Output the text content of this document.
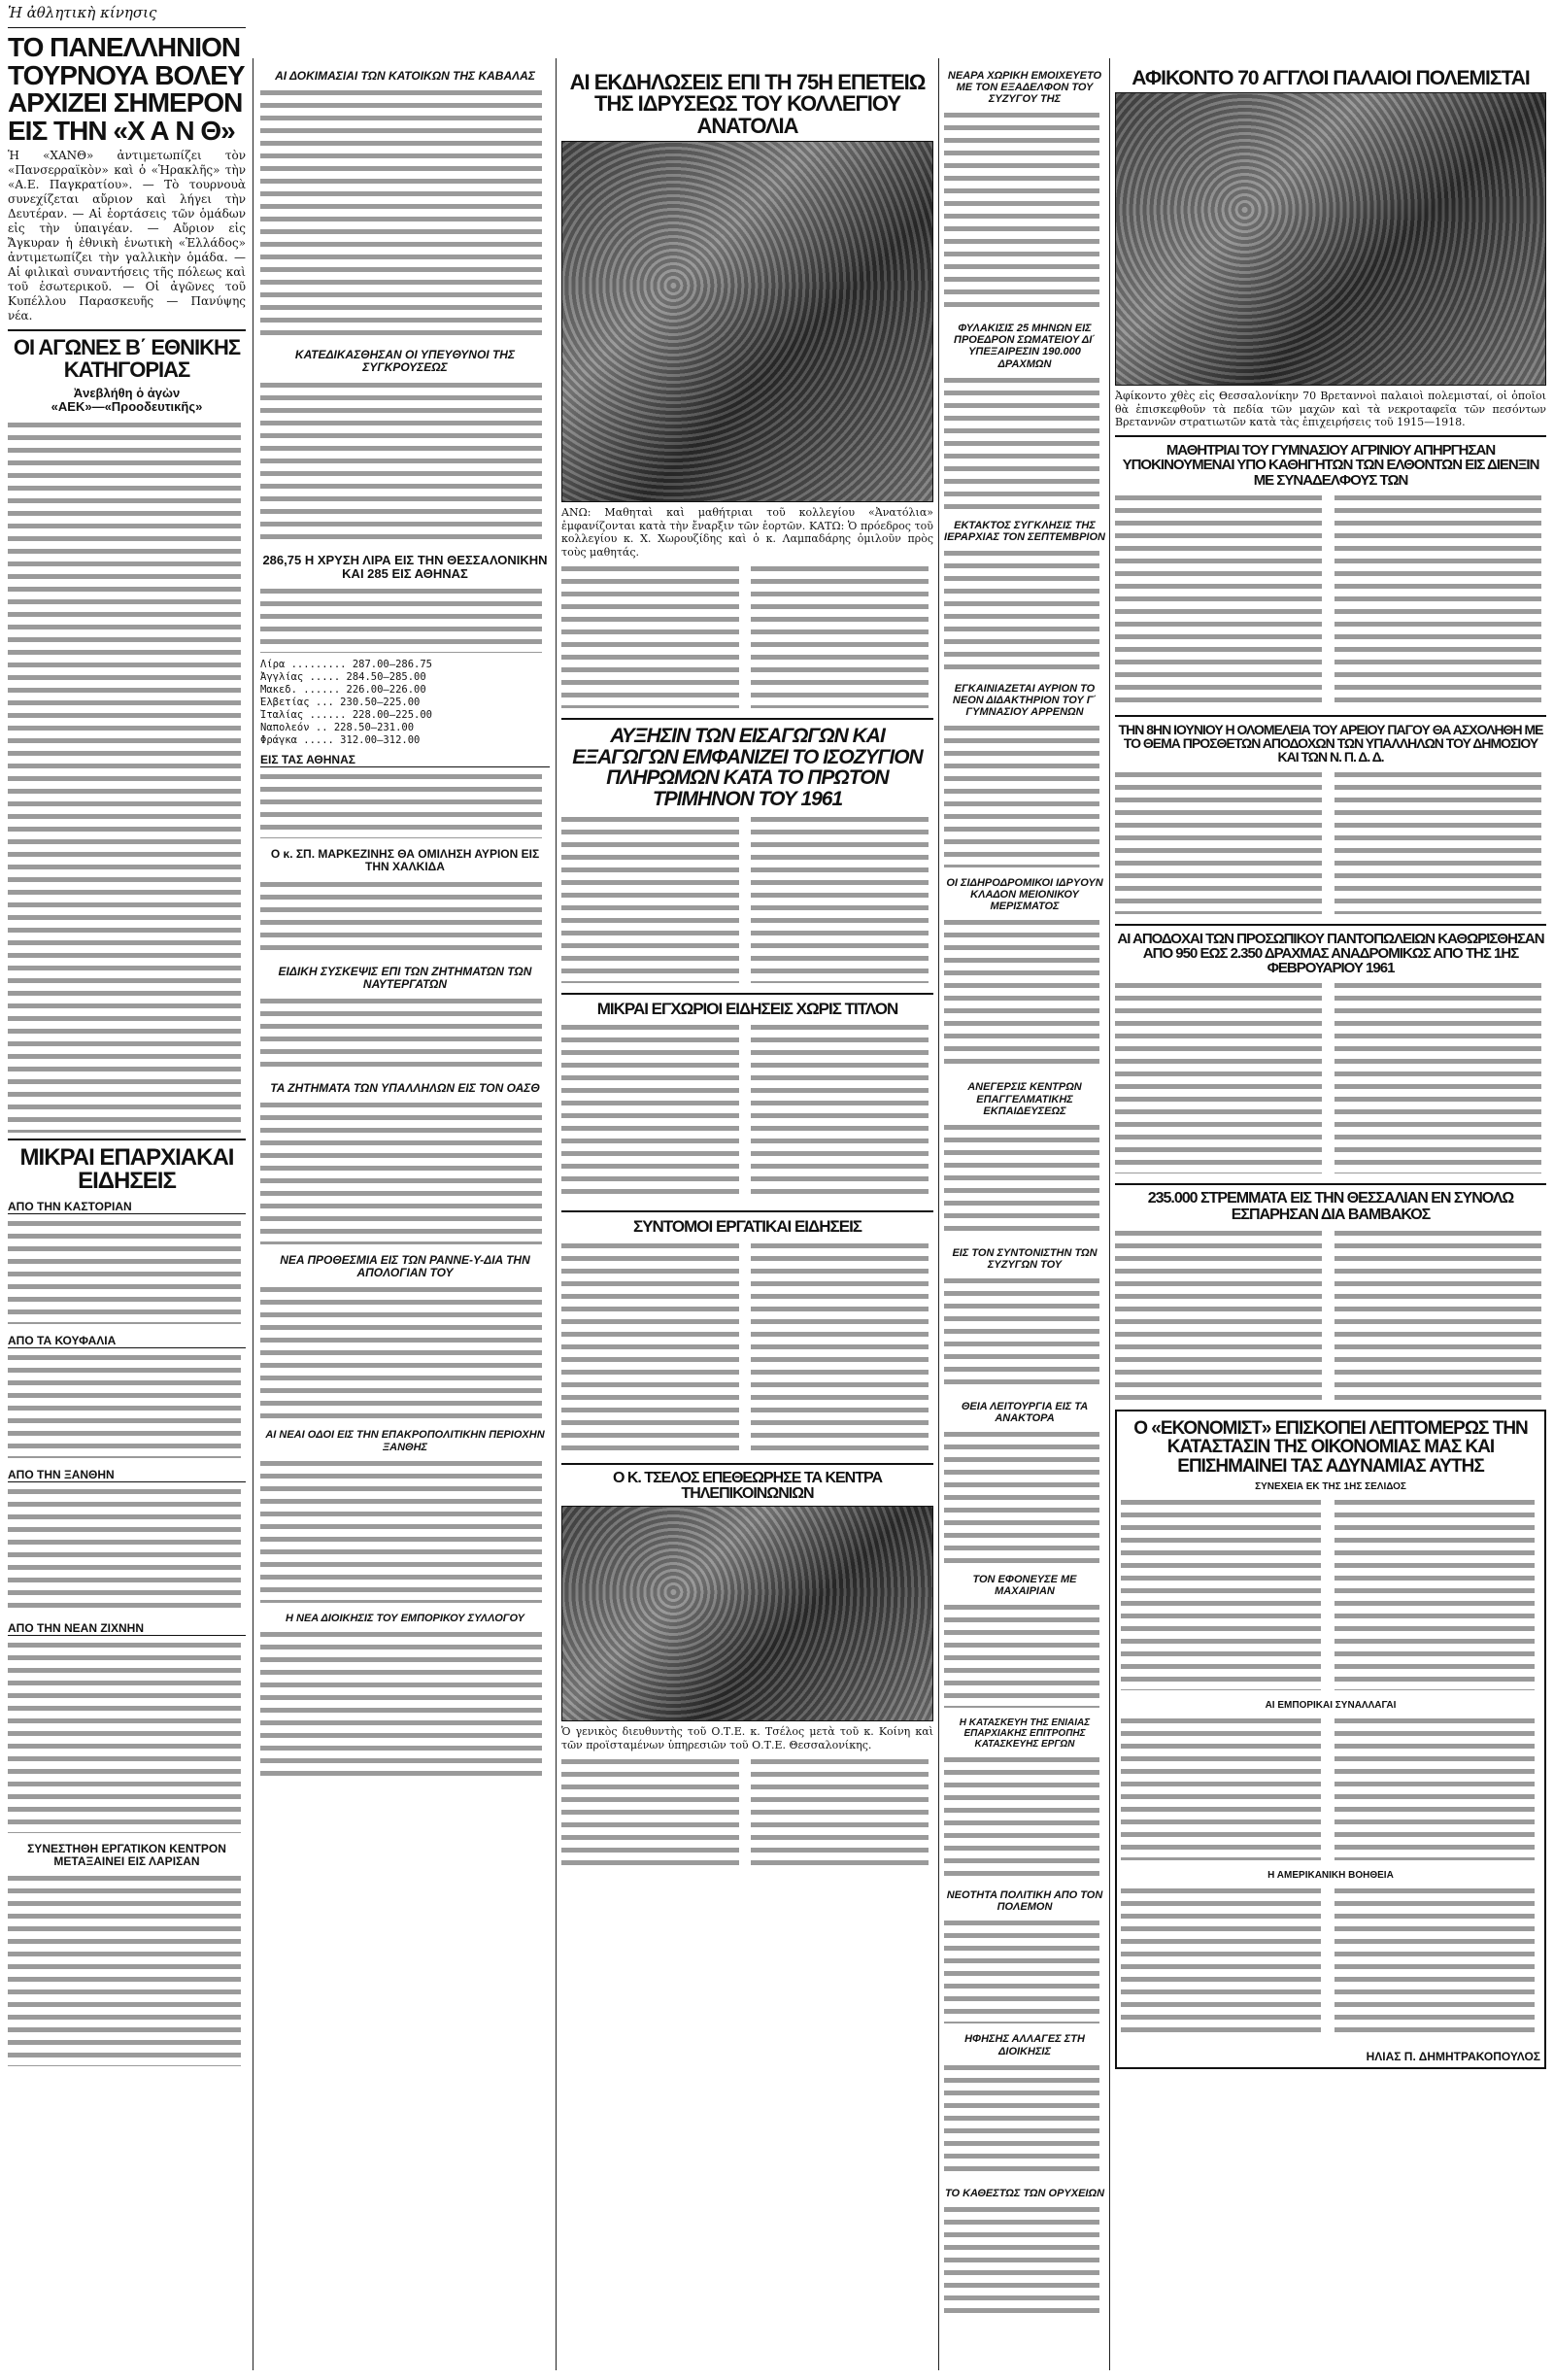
Ἡ ἀθλητικὴ κίνησις
ΤΟ ΠΑΝΕΛΛΗΝΙΟΝ ΤΟΥΡΝΟΥΑ ΒΟΛΕΥ ΑΡΧΙΖΕΙ ΣΗΜΕΡΟΝ ΕΙΣ ΤΗΝ «Χ Α Ν Θ»

Ἡ «ΧΑΝΘ» ἀντιμετωπίζει τὸν «Πανσερραϊκὸν» καὶ ὁ «Ἡρακλῆς» τὴν «Α.Ε. Παγκρατίου». — Τὸ τουρνουὰ συνεχίζεται αὔριον καὶ λήγει τὴν Δευτέραν. — Αἱ ἑορτάσεις τῶν ὁμάδων εἰς τὴν ὑπαιγέαν. — Αὔριον εἰς Ἄγκυραν ἡ ἐθνικὴ ἑνωτικὴ «Ἑλλάδος» ἀντιμετωπίζει τὴν γαλλικὴν ὁμάδα. — Αἱ φιλικαὶ συναντήσεις τῆς πόλεως καὶ τοῦ ἐσωτερικοῦ. — Οἱ ἀγῶνες τοῦ Κυπέλλου Παρασκευῆς — Πανύψης νέα.

ΟΙ ΑΓΩΝΕΣ Β΄ ΕΘΝΙΚΗΣ ΚΑΤΗΓΟΡΙΑΣ
Ἀνεβλήθη ὁ ἀγὼν «ΑΕΚ»—«Προοδευτικῆς»
ΜΙΚΡΑΙ ΕΠΑΡΧΙΑΚΑΙ ΕΙΔΗΣΕΙΣ
ΑΠΟ ΤΗΝ ΚΑΣΤΟΡΙΑΝ
ΑΠΟ ΤΑ ΚΟΥΦΑΛΙΑ
ΑΠΟ ΤΗΝ ΞΑΝΘΗΝ
ΑΠΟ ΤΗΝ ΝΕΑΝ ΖΙΧΝΗΝ
ΣΥΝΕΣΤΗΘΗ ΕΡΓΑΤΙΚΟΝ ΚΕΝΤΡΟΝ ΜΕΤΑΞΑΙΝΕΙ ΕΙΣ ΛΑΡΙΣΑΝ
ΑΙ ΔΟΚΙΜΑΣΙΑΙ ΤΩΝ ΚΑΤΟΙΚΩΝ ΤΗΣ ΚΑΒΑΛΑΣ
ΚΑΤΕΔΙΚΑΣΘΗΣΑΝ ΟΙ ΥΠΕΥΘΥΝΟΙ ΤΗΣ ΣΥΓΚΡΟΥΣΕΩΣ
286,75 Η ΧΡΥΣΗ ΛΙΡΑ ΕΙΣ ΤΗΝ ΘΕΣΣΑΛΟΝΙΚΗΝ ΚΑΙ 285 ΕΙΣ ΑΘΗΝΑΣ
Λίρα ......... 287.00—286.75
Ἀγγλίας ..... 284.50—285.00
Μακεδ. ...... 226.00—226.00
Ἑλβετίας ... 230.50—225.00
Ἰταλίας ...... 228.00—225.00
Ναπολεόν .. 228.50—231.00
Φράγκα ..... 312.00—312.00
ΕΙΣ ΤΑΣ ΑΘΗΝΑΣ
Ο κ. ΣΠ. ΜΑΡΚΕΖΙΝΗΣ ΘΑ ΟΜΙΛΗΣΗ ΑΥΡΙΟΝ ΕΙΣ ΤΗΝ ΧΑΛΚΙΔΑ
ΕΙΔΙΚΗ ΣΥΣΚΕΨΙΣ ΕΠΙ ΤΩΝ ΖΗΤΗΜΑΤΩΝ ΤΩΝ ΝΑΥΤΕΡΓΑΤΩΝ
ΤΑ ΖΗΤΗΜΑΤΑ ΤΩΝ ΥΠΑΛΛΗΛΩΝ ΕΙΣ ΤΟΝ ΟΑΣΘ
ΝΕΑ ΠΡΟΘΕΣΜΙΑ ΕΙΣ ΤΩΝ ΡΑΝΝΕ-Υ-ΔΙΑ ΤΗΝ ΑΠΟΛΟΓΙΑΝ ΤΟΥ
ΑΙ ΝΕΑΙ ΟΔΟΙ ΕΙΣ ΤΗΝ ΕΠΑΚΡΟΠΟΛΙΤΙΚΗΝ ΠΕΡΙΟΧΗΝ ΞΑΝΘΗΣ
Η ΝΕΑ ΔΙΟΙΚΗΣΙΣ ΤΟΥ ΕΜΠΟΡΙΚΟΥ ΣΥΛΛΟΓΟΥ
ΑΙ ΕΚΔΗΛΩΣΕΙΣ ΕΠΙ ΤΗ 75Η ΕΠΕΤΕΙΩ ΤΗΣ ΙΔΡΥΣΕΩΣ ΤΟΥ ΚΟΛΛΕΓΙΟΥ ΑΝΑΤΟΛΙΑ

ΑΝΩ: Μαθηταὶ καὶ μαθήτριαι τοῦ κολλεγίου «Ἀνατόλια» ἐμφανίζονται κατὰ τὴν ἔναρξιν τῶν ἑορτῶν. ΚΑΤΩ: Ὁ πρόεδρος τοῦ κολλεγίου κ. Χ. Χωρουζίδης καὶ ὁ κ. Λαμπαδάρης ὁμιλοῦν πρὸς τοὺς μαθητάς.

ΑΥΞΗΣΙΝ ΤΩΝ ΕΙΣΑΓΩΓΩΝ ΚΑΙ ΕΞΑΓΩΓΩΝ ΕΜΦΑΝΙΖΕΙ ΤΟ ΙΣΟΖΥΓΙΟΝ ΠΛΗΡΩΜΩΝ ΚΑΤΑ ΤΟ ΠΡΩΤΟΝ ΤΡΙΜΗΝΟΝ ΤΟΥ 1961
ΜΙΚΡΑΙ ΕΓΧΩΡΙΟΙ ΕΙΔΗΣΕΙΣ ΧΩΡΙΣ ΤΙΤΛΟΝ
ΣΥΝΤΟΜΟΙ ΕΡΓΑΤΙΚΑΙ ΕΙΔΗΣΕΙΣ
Ο Κ. ΤΣΕΛΟΣ ΕΠΕΘΕΩΡΗΣΕ ΤΑ ΚΕΝΤΡΑ ΤΗΛΕΠΙΚΟΙΝΩΝΙΩΝ

Ὁ γενικὸς διευθυντὴς τοῦ Ο.Τ.Ε. κ. Τσέλος μετὰ τοῦ κ. Κοίνη καὶ τῶν προϊσταμένων ὑπηρεσιῶν τοῦ Ο.Τ.Ε. Θεσσαλονίκης.

ΝΕΑΡΑ ΧΩΡΙΚΗ ΕΜΟΙΧΕΥΕΤΟ ΜΕ ΤΟΝ ΕΞΑΔΕΛΦΟΝ ΤΟΥ ΣΥΖΥΓΟΥ ΤΗΣ
ΦΥΛΑΚΙΣΙΣ 25 ΜΗΝΩΝ ΕΙΣ ΠΡΟΕΔΡΟΝ ΣΩΜΑΤΕΙΟΥ ΔΙ΄ ΥΠΕΞΑΙΡΕΣΙΝ 190.000 ΔΡΑΧΜΩΝ
ΕΚΤΑΚΤΟΣ ΣΥΓΚΛΗΣΙΣ ΤΗΣ ΙΕΡΑΡΧΙΑΣ ΤΟΝ ΣΕΠΤΕΜΒΡΙΟΝ
ΕΓΚΑΙΝΙΑΖΕΤΑΙ ΑΥΡΙΟΝ ΤΟ ΝΕΟΝ ΔΙΔΑΚΤΗΡΙΟΝ ΤΟΥ Γ΄ ΓΥΜΝΑΣΙΟΥ ΑΡΡΕΝΩΝ
ΟΙ ΣΙΔΗΡΟΔΡΟΜΙΚΟΙ ΙΔΡΥΟΥΝ ΚΛΑΔΟΝ ΜΕΙΟΝΙΚΟΥ ΜΕΡΙΣΜΑΤΟΣ
ΑΝΕΓΕΡΣΙΣ ΚΕΝΤΡΩΝ ΕΠΑΓΓΕΛΜΑΤΙΚΗΣ ΕΚΠΑΙΔΕΥΣΕΩΣ
ΕΙΣ ΤΟΝ ΣΥΝΤΟΝΙΣΤΗΝ ΤΩΝ ΣΥΖΥΓΩΝ ΤΟΥ
ΘΕΙΑ ΛΕΙΤΟΥΡΓΙΑ ΕΙΣ ΤΑ ΑΝΑΚΤΟΡΑ
ΤΟΝ ΕΦΟΝΕΥΣΕ ΜΕ ΜΑΧΑΙΡΙΑΝ
Η ΚΑΤΑΣΚΕΥΗ ΤΗΣ ΕΝΙΑΙΑΣ ΕΠΑΡΧΙΑΚΗΣ ΕΠΙΤΡΟΠΗΣ ΚΑΤΑΣΚΕΥΗΣ ΕΡΓΩΝ
ΝΕΟΤΗΤΑ ΠΟΛΙΤΙΚΗ ΑΠΟ ΤΟΝ ΠΟΛΕΜΟΝ
ΗΦΗΣΗΣ ΑΛΛΑΓΕΣ ΣΤΗ ΔΙΟΙΚΗΣΙΣ
ΤΟ ΚΑΘΕΣΤΩΣ ΤΩΝ ΟΡΥΧΕΙΩΝ
ΑΦΙΚΟΝΤΟ 70 ΑΓΓΛΟΙ ΠΑΛΑΙΟΙ ΠΟΛΕΜΙΣΤΑΙ

Ἀφίκοντο χθὲς εἰς Θεσσαλονίκην 70 Βρεταννοὶ παλαιοὶ πολεμισταί, οἱ ὁποῖοι θὰ ἐπισκεφθοῦν τὰ πεδία τῶν μαχῶν καὶ τὰ νεκροταφεῖα τῶν πεσόντων Βρεταννῶν στρατιωτῶν κατὰ τὰς ἐπιχειρήσεις τοῦ 1915—1918.

ΜΑΘΗΤΡΙΑΙ ΤΟΥ ΓΥΜΝΑΣΙΟΥ ΑΓΡΙΝΙΟΥ ΑΠΗΡΓΗΣΑΝ ΥΠΟΚΙΝΟΥΜΕΝΑΙ ΥΠΟ ΚΑΘΗΓΗΤΩΝ ΤΩΝ ΕΛΘΟΝΤΩΝ ΕΙΣ ΔΙΕΝΞΙΝ ΜΕ ΣΥΝΑΔΕΛΦΟΥΣ ΤΩΝ
ΤΗΝ 8ΗΝ ΙΟΥΝΙΟΥ Η ΟΛΟΜΕΛΕΙΑ ΤΟΥ ΑΡΕΙΟΥ ΠΑΓΟΥ ΘΑ ΑΣΧΟΛΗΘΗ ΜΕ ΤΟ ΘΕΜΑ ΠΡΟΣΘΕΤΩΝ ΑΠΟΔΟΧΩΝ ΤΩΝ ΥΠΑΛΛΗΛΩΝ ΤΟΥ ΔΗΜΟΣΙΟΥ ΚΑΙ ΤΩΝ Ν. Π. Δ. Δ.
ΑΙ ΑΠΟΔΟΧΑΙ ΤΩΝ ΠΡΟΣΩΠΙΚΟΥ ΠΑΝΤΟΠΩΛΕΙΩΝ ΚΑΘΩΡΙΣΘΗΣΑΝ ΑΠΟ 950 ΕΩΣ 2.350 ΔΡΑΧΜΑΣ ΑΝΑΔΡΟΜΙΚΩΣ ΑΠΟ ΤΗΣ 1ΗΣ ΦΕΒΡΟΥΑΡΙΟΥ 1961
235.000 ΣΤΡΕΜΜΑΤΑ ΕΙΣ ΤΗΝ ΘΕΣΣΑΛΙΑΝ ΕΝ ΣΥΝΟΛΩ ΕΣΠΑΡΗΣΑΝ ΔΙΑ ΒΑΜΒΑΚΟΣ
Ο «ΕΚΟΝΟΜΙΣΤ» ΕΠΙΣΚΟΠΕΙ ΛΕΠΤΟΜΕΡΩΣ ΤΗΝ ΚΑΤΑΣΤΑΣΙΝ ΤΗΣ ΟΙΚΟΝΟΜΙΑΣ ΜΑΣ ΚΑΙ ΕΠΙΣΗΜΑΙΝΕΙ ΤΑΣ ΑΔΥΝΑΜΙΑΣ ΑΥΤΗΣ
ΣΥΝΕΧΕΙΑ ΕΚ ΤΗΣ 1ΗΣ ΣΕΛΙΔΟΣ
ΑΙ ΕΜΠΟΡΙΚΑΙ ΣΥΝΑΛΛΑΓΑΙ
Η ΑΜΕΡΙΚΑΝΙΚΗ ΒΟΗΘΕΙΑ
ΗΛΙΑΣ Π. ΔΗΜΗΤΡΑΚΟΠΟΥΛΟΣ
